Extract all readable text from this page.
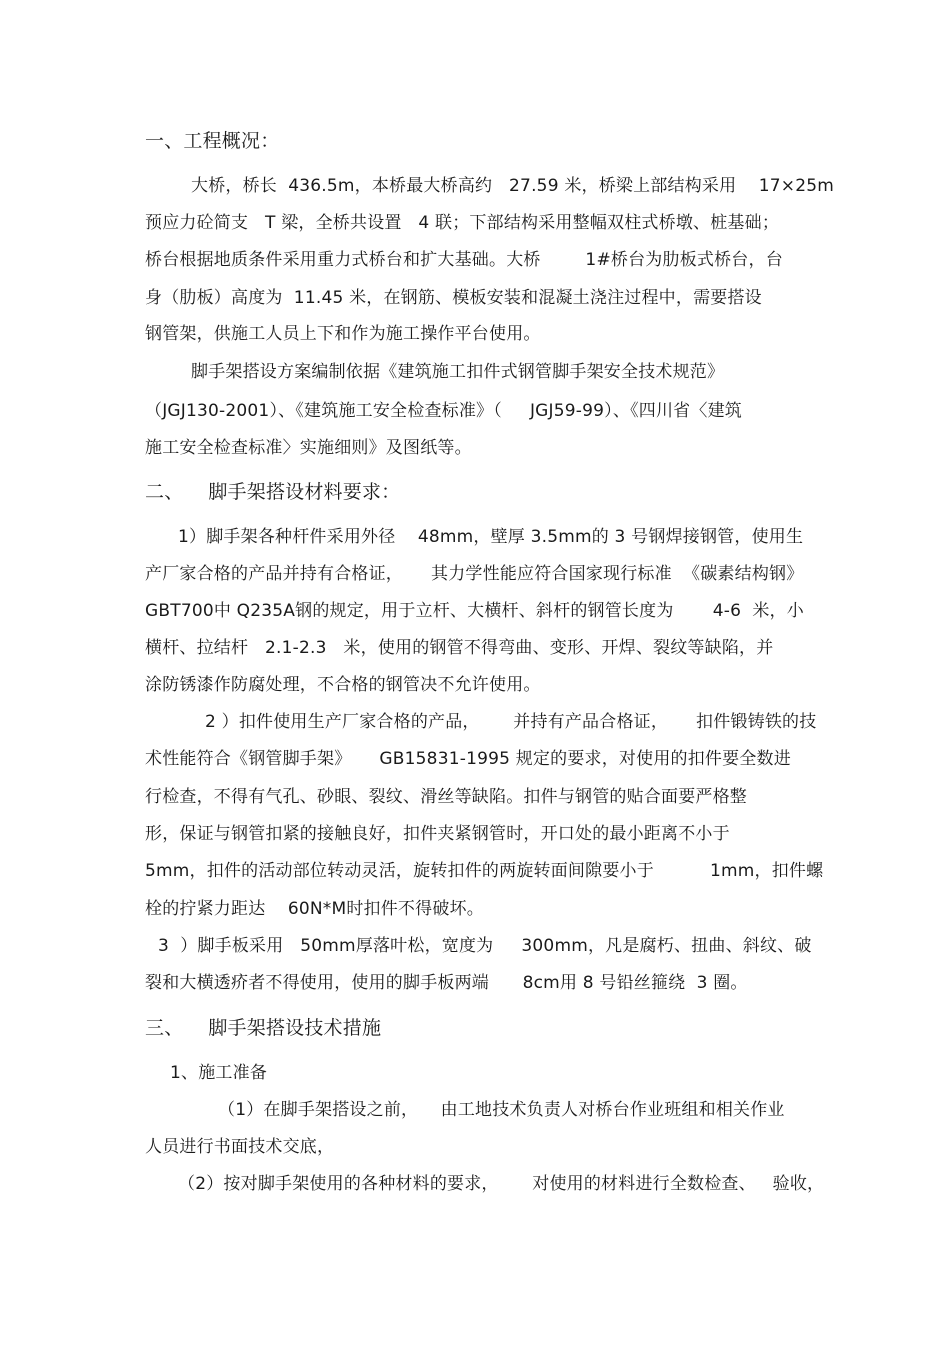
一、工程概况：
大桥，桥长  436.5m，本桥最大桥高约   27.59 米，桥梁上部结构采用    17×25m
预应力砼简支   T 梁，全桥共设置   4 联；下部结构采用整幅双柱式桥墩、桩基础；
桥台根据地质条件采用重力式桥台和扩大基础。大桥        1#桥台为肋板式桥台，台
身（肋板）高度为  11.45 米，在钢筋、模板安装和混凝土浇注过程中，需要搭设
钢管架，供施工人员上下和作为施工操作平台使用。
脚手架搭设方案编制依据《建筑施工扣件式钢管脚手架安全技术规范》
（JGJ130-2001）、《建筑施工安全检查标准》（     JGJ59-99）、《四川省〈建筑
施工安全检查标准〉实施细则》及图纸等。
二、    脚手架搭设材料要求：
1）脚手架各种杆件采用外径    48mm，壁厚 3.5mm的 3 号钢焊接钢管，使用生
产厂家合格的产品并持有合格证，     其力学性能应符合国家现行标准  《碳素结构钢》
GBT700中 Q235A钢的规定，用于立杆、大横杆、斜杆的钢管长度为       4-6  米，小
横杆、拉结杆   2.1-2.3   米，使用的钢管不得弯曲、变形、开焊、裂纹等缺陷，并
涂防锈漆作防腐处理，不合格的钢管决不允许使用。
2 ）扣件使用生产厂家合格的产品，      并持有产品合格证，     扣件锻铸铁的技
术性能符合《钢管脚手架》     GB15831-1995 规定的要求，对使用的扣件要全数进
行检查，不得有气孔、砂眼、裂纹、滑丝等缺陷。扣件与钢管的贴合面要严格整
形，保证与钢管扣紧的接触良好，扣件夹紧钢管时，开口处的最小距离不小于
5mm，扣件的活动部位转动灵活，旋转扣件的两旋转面间隙要小于          1mm，扣件螺
栓的拧紧力距达    60N*M时扣件不得破坏。
3  ）脚手板采用   50mm厚落叶松，宽度为     300mm，凡是腐朽、扭曲、斜纹、破
裂和大横透疥者不得使用，使用的脚手板两端      8cm用 8 号铅丝箍绕  3 圈。
三、    脚手架搭设技术措施
1、施工准备
（1）在脚手架搭设之前，    由工地技术负责人对桥台作业班组和相关作业
人员进行书面技术交底，
（2）按对脚手架使用的各种材料的要求，      对使用的材料进行全数检查、   验收，
